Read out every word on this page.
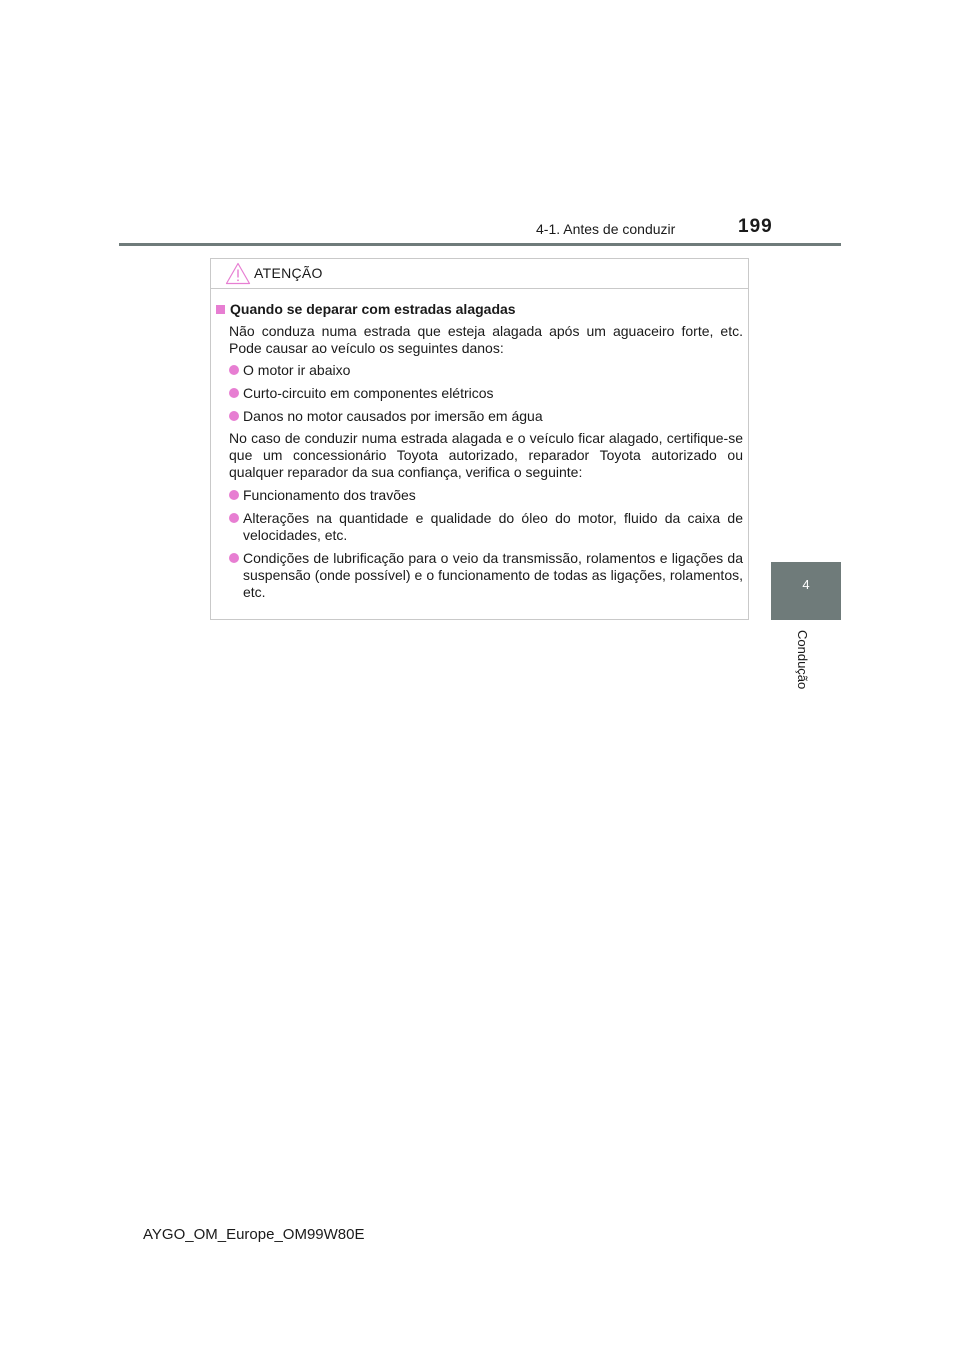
4-1. Antes de conduzir	199
4
Condução
ATENÇÃO
Quando se deparar com estradas alagadas
Não conduza numa estrada que esteja alagada após um aguaceiro forte, etc. Pode causar ao veículo os seguintes danos:
O motor ir abaixo
Curto-circuito em componentes elétricos
Danos no motor causados por imersão em água
No caso de conduzir numa estrada alagada e o veículo ficar alagado, certifique-se que um concessionário Toyota autorizado, reparador Toyota autorizado ou qualquer reparador da sua confiança, verifica o seguinte:
Funcionamento dos travões
Alterações na quantidade e qualidade do óleo do motor, fluido da caixa de velocidades, etc.
Condições de lubrificação para o veio da transmissão, rolamentos e ligações da suspensão (onde possível) e o funcionamento de todas as ligações, rolamentos, etc.
AYGO_OM_Europe_OM99W80E
